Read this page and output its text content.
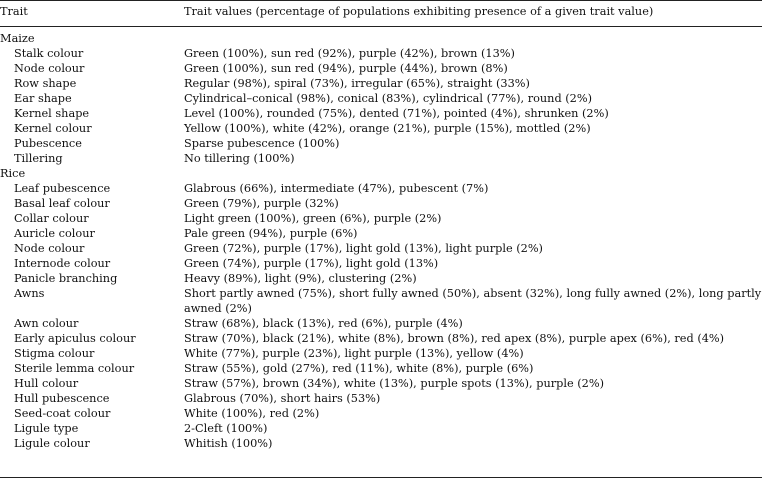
Trait	Trait values (percentage of populations exhibiting presence of a given trait value)
Maize
Stalk colour	Green (100%), sun red (92%), purple (42%), brown (13%)
Node colour	Green (100%), sun red (94%), purple (44%), brown (8%)
Row shape	Regular (98%), spiral (73%), irregular (65%), straight (33%)
Ear shape	Cylindrical–conical (98%), conical (83%), cylindrical (77%), round (2%)
Kernel shape	Level (100%), rounded (75%), dented (71%), pointed (4%), shrunken (2%)
Kernel colour	Yellow (100%), white (42%), orange (21%), purple (15%), mottled (2%)
Pubescence	Sparse pubescence (100%)
Tillering	No tillering (100%)
Rice
Leaf pubescence	Glabrous (66%), intermediate (47%), pubescent (7%)
Basal leaf colour	Green (79%), purple (32%)
Collar colour	Light green (100%), green (6%), purple (2%)
Auricle colour	Pale green (94%), purple (6%)
Node colour	Green (72%), purple (17%), light gold (13%), light purple (2%)
Internode colour	Green (74%), purple (17%), light gold (13%)
Panicle branching	Heavy (89%), light (9%), clustering (2%)
Awns	Short partly awned (75%), short fully awned (50%), absent (32%), long fully awned (2%), long partly awned (2%)
Awn colour	Straw (68%), black (13%), red (6%), purple (4%)
Early apiculus colour	Straw (70%), black (21%), white (8%), brown (8%), red apex (8%), purple apex (6%), red (4%)
Stigma colour	White (77%), purple (23%), light purple (13%), yellow (4%)
Sterile lemma colour	Straw (55%), gold (27%), red (11%), white (8%), purple (6%)
Hull colour	Straw (57%), brown (34%), white (13%), purple spots (13%), purple (2%)
Hull pubescence	Glabrous (70%), short hairs (53%)
Seed-coat colour	White (100%), red (2%)
Ligule type	2-Cleft (100%)
Ligule colour	Whitish (100%)
